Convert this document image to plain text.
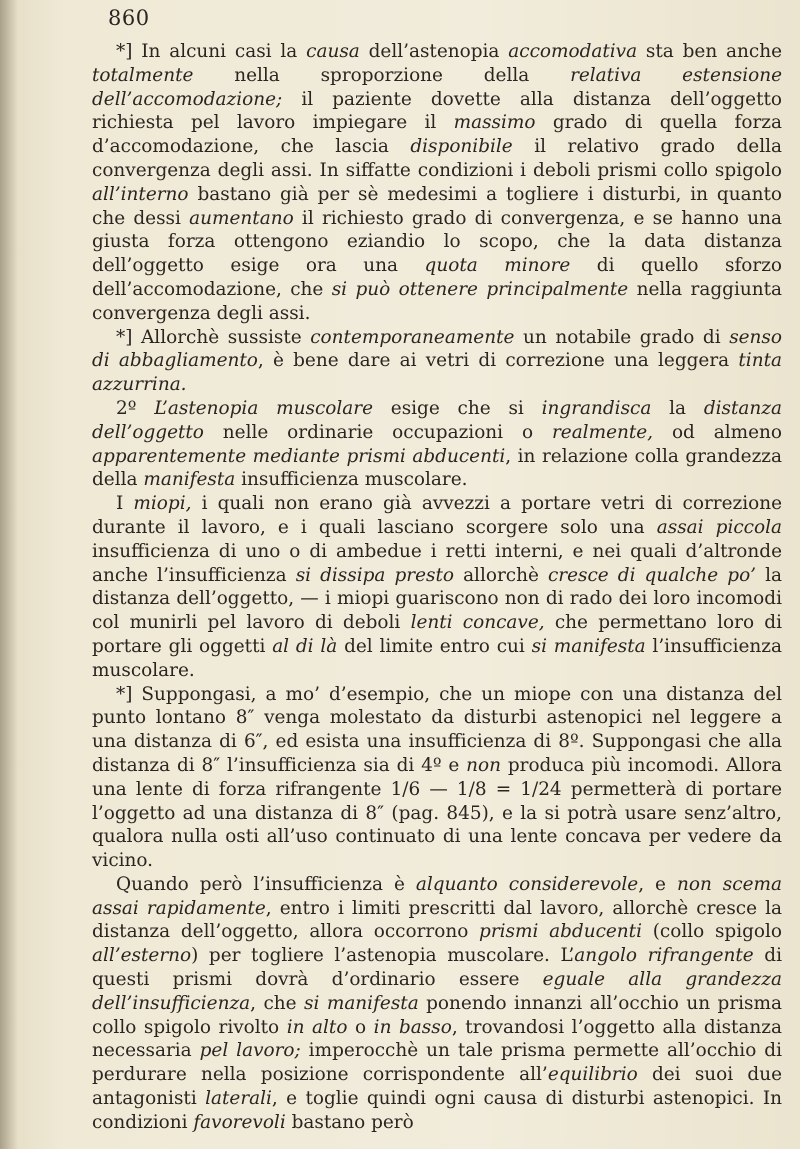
860

*] In alcuni casi la causa dell’astenopia accomodativa sta ben anche totalmente nella sproporzione della relativa estensione dell’accomodazione; il paziente dovette alla distanza dell’oggetto richiesta pel lavoro impiegare il massimo grado di quella forza d’accomodazione, che lascia disponibile il relativo grado della convergenza degli assi. In siffatte condizioni i deboli prismi collo spigolo all’interno bastano già per sè medesimi a togliere i disturbi, in quanto che dessi aumentano il richiesto grado di convergenza, e se hanno una giusta forza ottengono eziandio lo scopo, che la data distanza dell’oggetto esige ora una quota minore di quello sforzo dell’accomodazione, che si può ottenere principalmente nella raggiunta convergenza degli assi.

*] Allorchè sussiste contemporaneamente un notabile grado di senso di abbagliamento, è bene dare ai vetri di correzione una leggera tinta azzurrina.

2º L’astenopia muscolare esige che si ingrandisca la distanza dell’oggetto nelle ordinarie occupazioni o realmente, od almeno apparentemente mediante prismi abducenti, in relazione colla grandezza della manifesta insufficienza muscolare.

I miopi, i quali non erano già avvezzi a portare vetri di correzione durante il lavoro, e i quali lasciano scorgere solo una assai piccola insufficienza di uno o di ambedue i retti interni, e nei quali d’altronde anche l’insufficienza si dissipa presto allorchè cresce di qualche po’ la distanza dell’oggetto, — i miopi guariscono non di rado dei loro incomodi col munirli pel lavoro di deboli lenti concave, che permettano loro di portare gli oggetti al di là del limite entro cui si manifesta l’insufficienza muscolare.

*] Suppongasi, a mo’ d’esempio, che un miope con una distanza del punto lontano 8″ venga molestato da disturbi astenopici nel leggere a una distanza di 6″, ed esista una insufficienza di 8º. Suppongasi che alla distanza di 8″ l’insufficienza sia di 4º e non produca più incomodi. Allora una lente di forza rifrangente 1/6 — 1/8 = 1/24 permetterà di portare l’oggetto ad una distanza di 8″ (pag. 845), e la si potrà usare senz’altro, qualora nulla osti all’uso continuato di una lente concava per vedere da vicino.

Quando però l’insufficienza è alquanto considerevole, e non scema assai rapidamente, entro i limiti prescritti dal lavoro, allorchè cresce la distanza dell’oggetto, allora occorrono prismi abducenti (collo spigolo all’esterno) per togliere l’astenopia muscolare. L’angolo rifrangente di questi prismi dovrà d’ordinario essere eguale alla grandezza dell’insufficienza, che si manifesta ponendo innanzi all’occhio un prisma collo spigolo rivolto in alto o in basso, trovandosi l’oggetto alla distanza necessaria pel lavoro; imperocchè un tale prisma permette all’occhio di perdurare nella posizione corrispondente all’equilibrio dei suoi due antagonisti laterali, e toglie quindi ogni causa di disturbi astenopici. In condizioni favorevoli bastano però
